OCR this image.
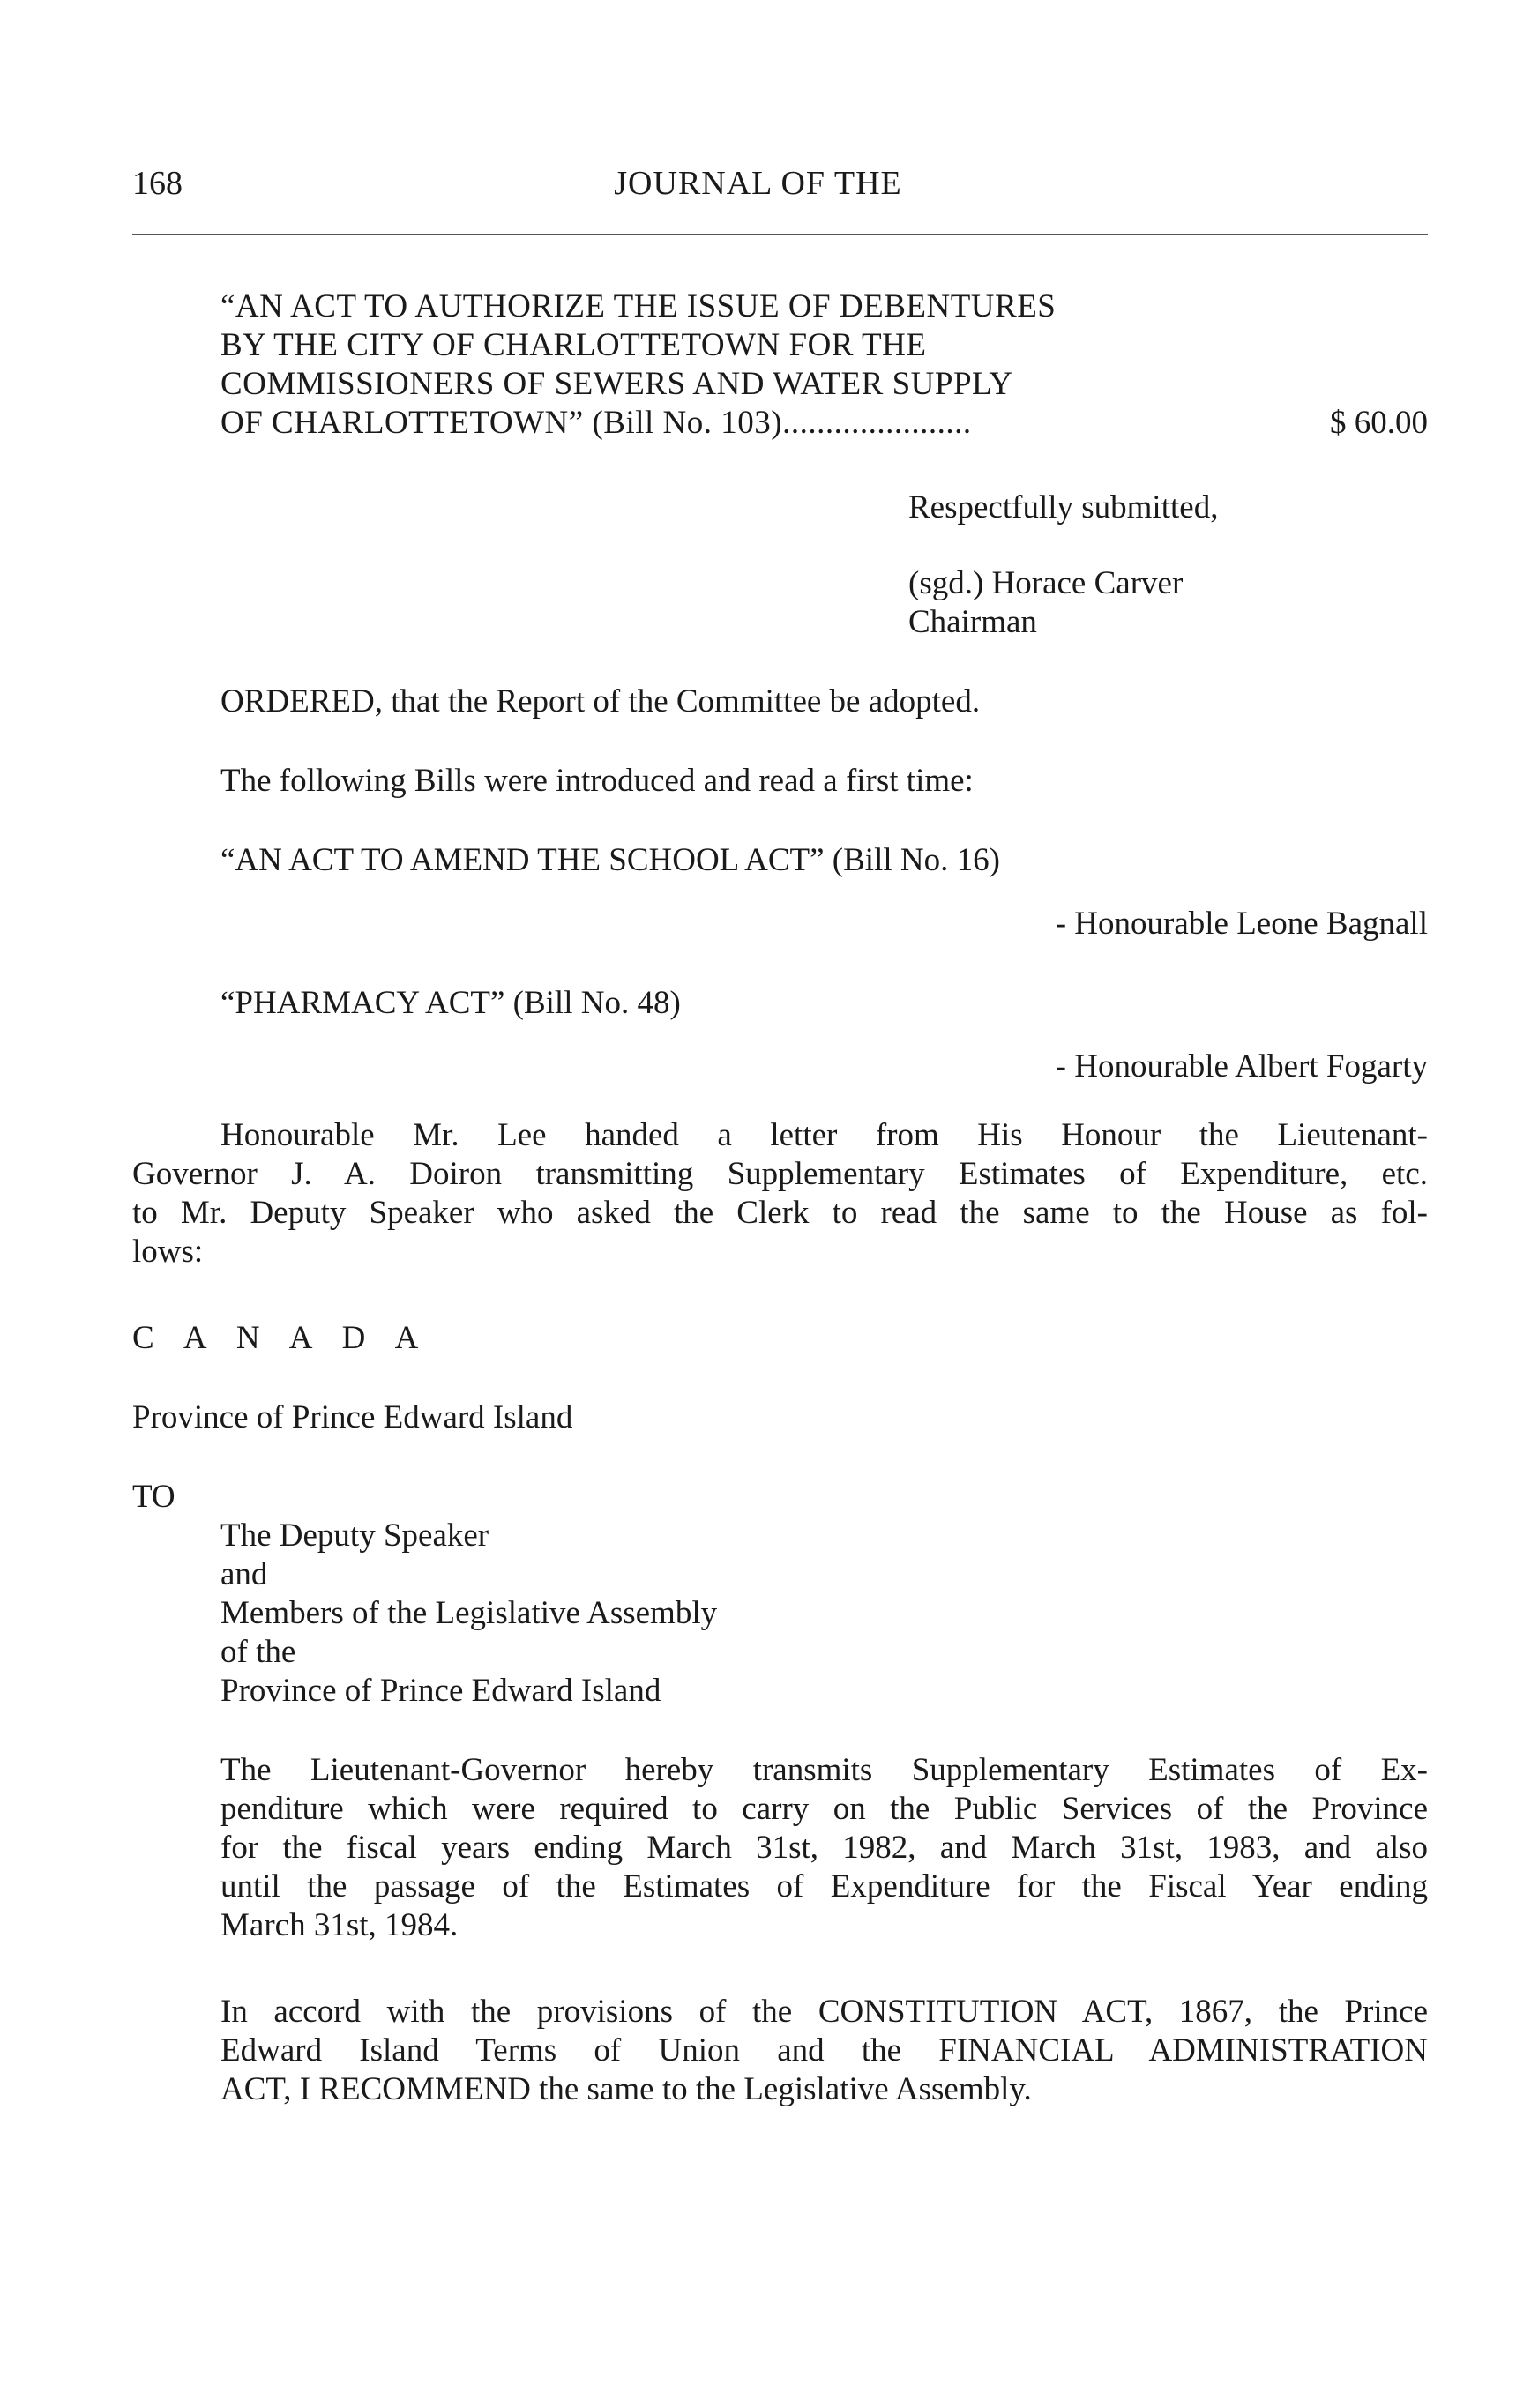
168	JOURNAL OF THE
“AN ACT TO AUTHORIZE THE ISSUE OF DEBENTURES
BY THE CITY OF CHARLOTTETOWN FOR THE
COMMISSIONERS OF SEWERS AND WATER SUPPLY
OF CHARLOTTETOWN” (Bill No. 103)......................	$ 60.00
Respectfully submitted,
(sgd.) Horace Carver
Chairman
ORDERED, that the Report of the Committee be adopted.
The following Bills were introduced and read a first time:
“AN ACT TO AMEND THE SCHOOL ACT” (Bill No. 16)
- Honourable Leone Bagnall
“PHARMACY ACT” (Bill No. 48)
- Honourable Albert Fogarty
Honourable Mr. Lee handed a letter from His Honour the Lieutenant-
Governor J. A. Doiron transmitting Supplementary Estimates of Expenditure, etc.
to Mr. Deputy Speaker who asked the Clerk to read the same to the House as fol-
lows:
C A N A D A
Province of Prince Edward Island
TO
The Deputy Speaker
and
Members of the Legislative Assembly
of the
Province of Prince Edward Island
The Lieutenant-Governor hereby transmits Supplementary Estimates of Ex-
penditure which were required to carry on the Public Services of the Province
for the fiscal years ending March 31st, 1982, and March 31st, 1983, and also
until the passage of the Estimates of Expenditure for the Fiscal Year ending
March 31st, 1984.
In accord with the provisions of the CONSTITUTION ACT, 1867, the Prince
Edward Island Terms of Union and the FINANCIAL ADMINISTRATION
ACT, I RECOMMEND the same to the Legislative Assembly.
